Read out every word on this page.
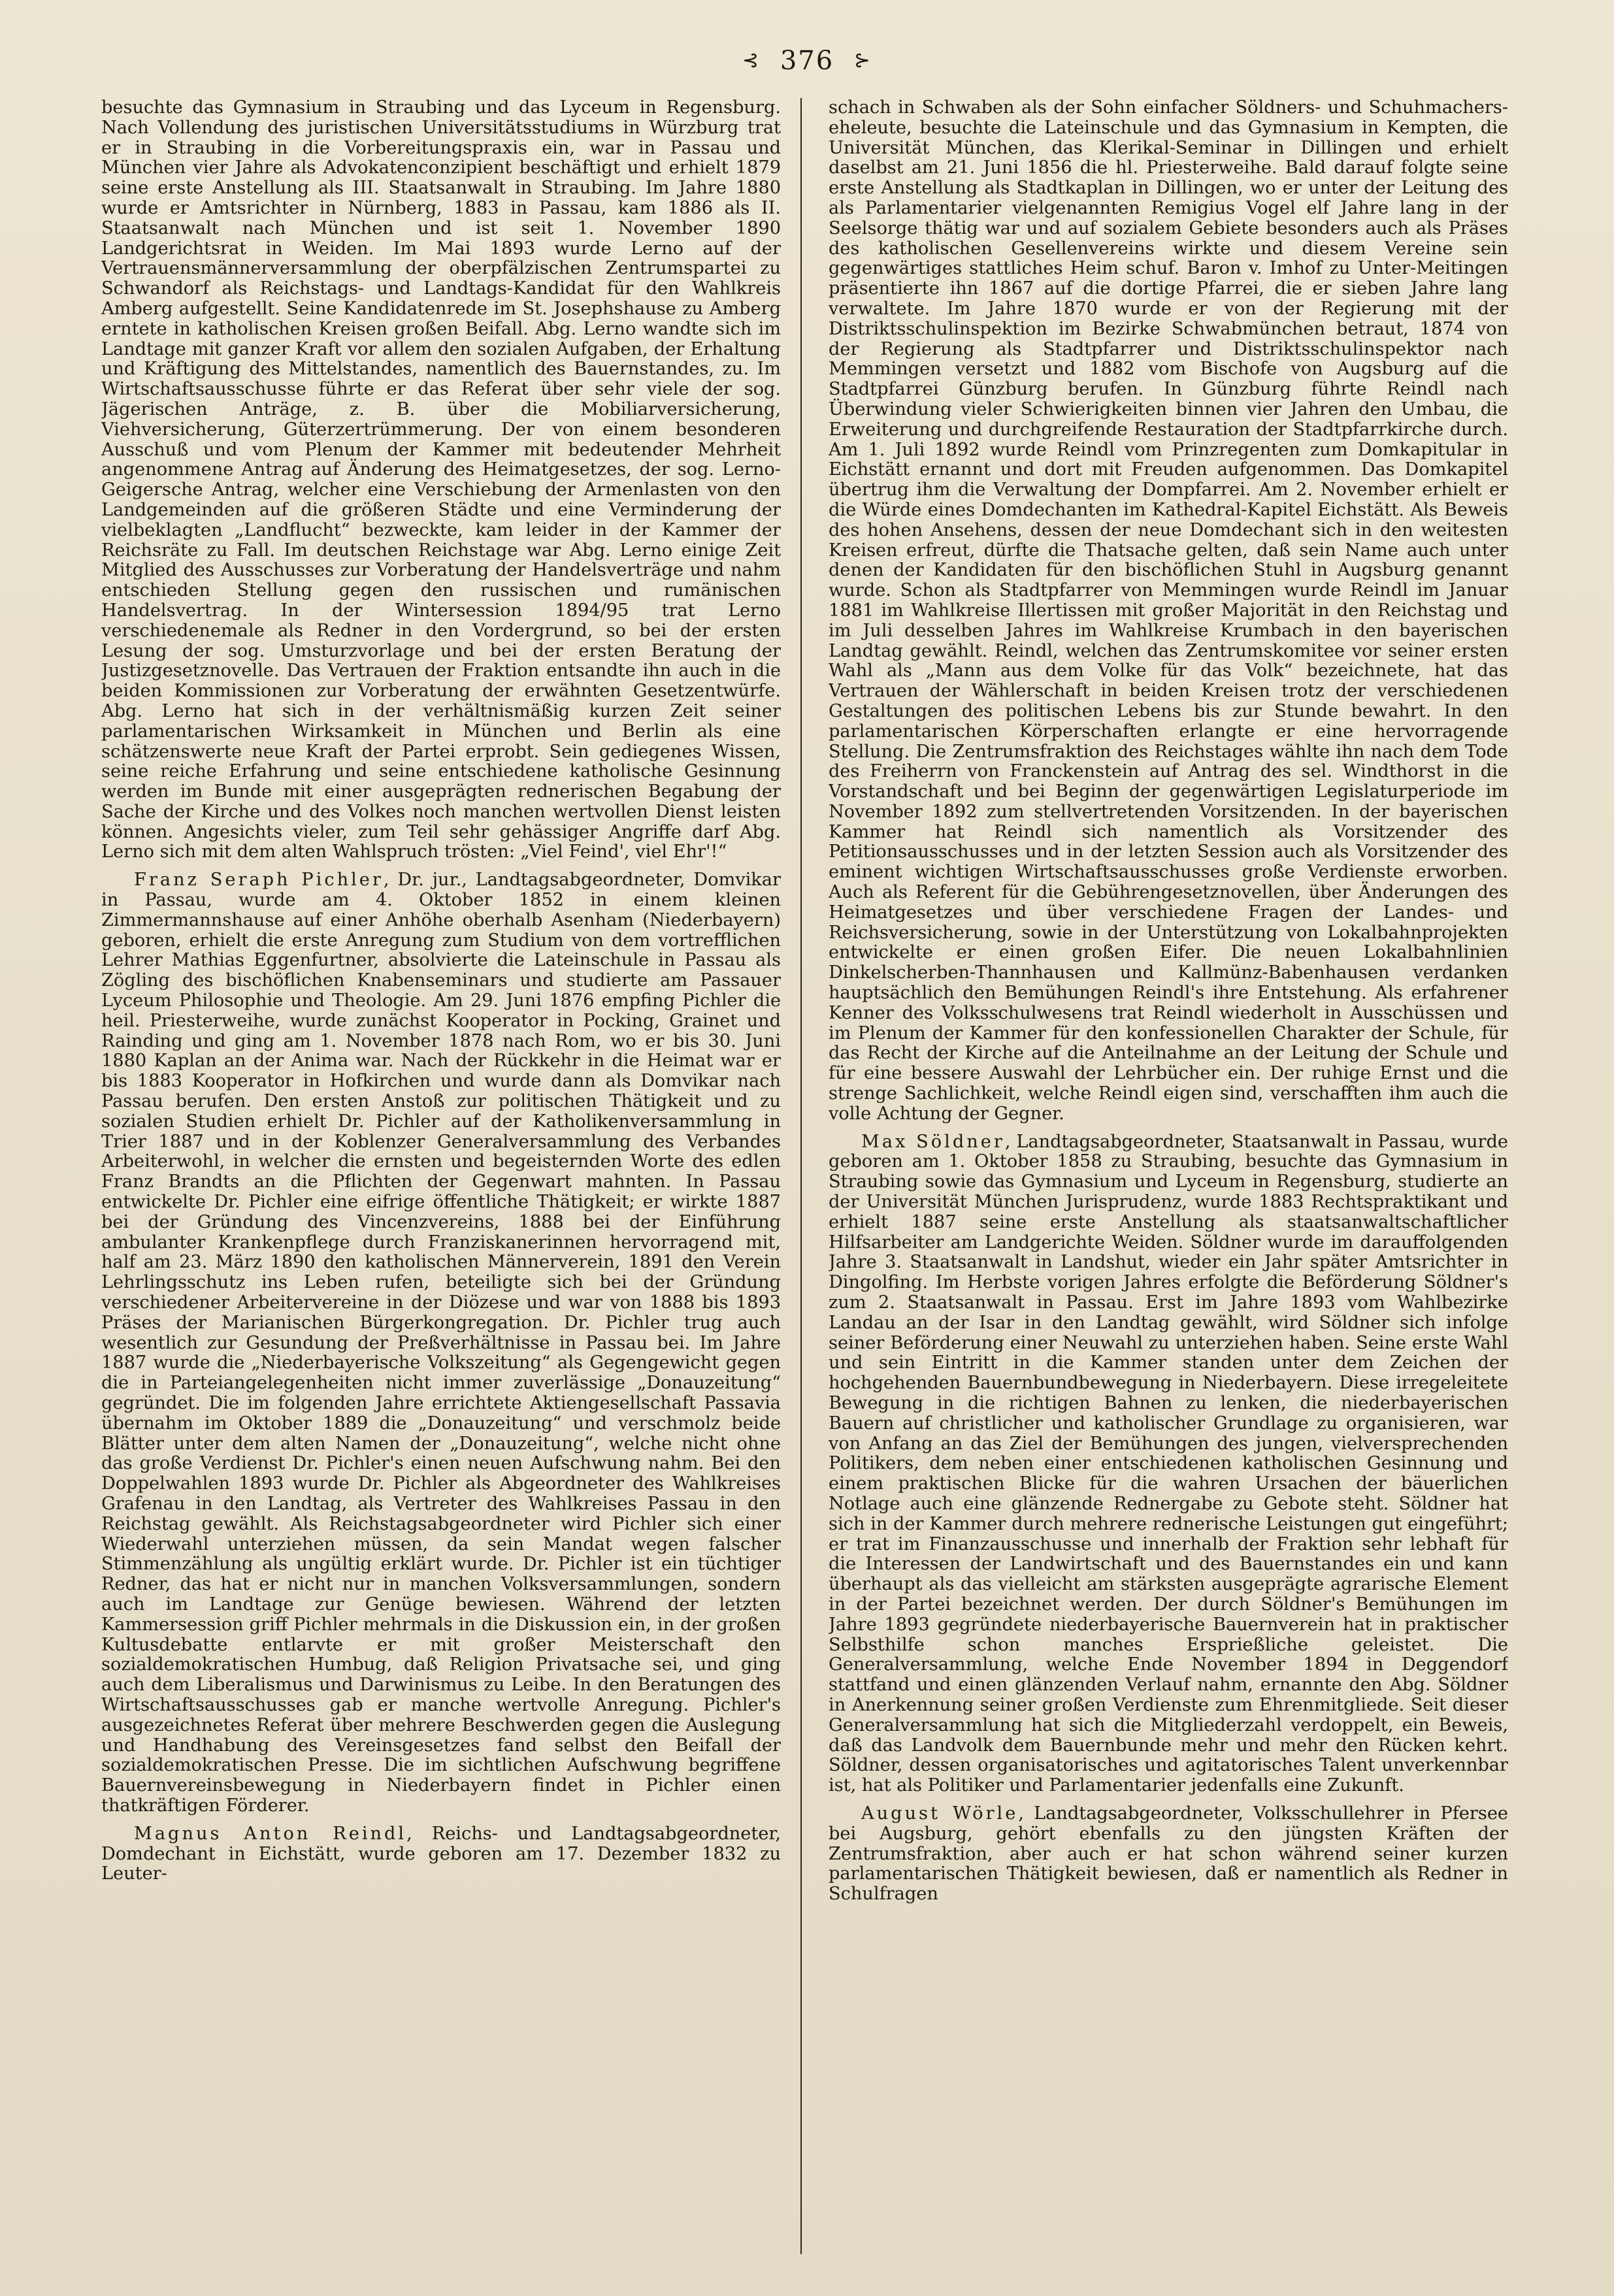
⊰ 376 ⊱

besuchte das Gymnasium in Straubing und das Lyceum in Regensburg. Nach Vollendung des juristischen Universitätsstudiums in Würzburg trat er in Straubing in die Vorbereitungspraxis ein, war in Passau und München vier Jahre als Advokatenconzipient beschäftigt und erhielt 1879 seine erste Anstellung als III. Staatsanwalt in Straubing. Im Jahre 1880 wurde er Amtsrichter in Nürnberg, 1883 in Passau, kam 1886 als II. Staatsanwalt nach München und ist seit 1. November 1890 Landgerichtsrat in Weiden. Im Mai 1893 wurde Lerno auf der Vertrauensmännerversammlung der oberpfälzischen Zentrumspartei zu Schwandorf als Reichstags- und Landtags-Kandidat für den Wahlkreis Amberg aufgestellt. Seine Kandidatenrede im St. Josephshause zu Amberg erntete in katholischen Kreisen großen Beifall. Abg. Lerno wandte sich im Landtage mit ganzer Kraft vor allem den sozialen Aufgaben, der Erhaltung und Kräftigung des Mittelstandes, namentlich des Bauernstandes, zu. Im Wirtschaftsausschusse führte er das Referat über sehr viele der sog. Jägerischen Anträge, z. B. über die Mobiliarversicherung, Viehversicherung, Güterzertrümmerung. Der von einem besonderen Ausschuß und vom Plenum der Kammer mit bedeutender Mehrheit angenommene Antrag auf Änderung des Heimatgesetzes, der sog. Lerno-Geigersche Antrag, welcher eine Verschiebung der Armenlasten von den Landgemeinden auf die größeren Städte und eine Verminderung der vielbeklagten „Landflucht“ bezweckte, kam leider in der Kammer der Reichsräte zu Fall. Im deutschen Reichstage war Abg. Lerno einige Zeit Mitglied des Ausschusses zur Vorberatung der Handelsverträge und nahm entschieden Stellung gegen den russischen und rumänischen Handelsvertrag. In der Wintersession 1894/95 trat Lerno verschiedenemale als Redner in den Vordergrund, so bei der ersten Lesung der sog. Umsturzvorlage und bei der ersten Beratung der Justizgesetznovelle. Das Vertrauen der Fraktion entsandte ihn auch in die beiden Kommissionen zur Vorberatung der erwähnten Gesetzentwürfe. Abg. Lerno hat sich in der verhältnismäßig kurzen Zeit seiner parlamentarischen Wirksamkeit in München und Berlin als eine schätzenswerte neue Kraft der Partei erprobt. Sein gediegenes Wissen, seine reiche Erfahrung und seine entschiedene katholische Gesinnung werden im Bunde mit einer ausgeprägten rednerischen Begabung der Sache der Kirche und des Volkes noch manchen wertvollen Dienst leisten können. Angesichts vieler, zum Teil sehr gehässiger Angriffe darf Abg. Lerno sich mit dem alten Wahlspruch trösten: „Viel Feind', viel Ehr'!“

Franz Seraph Pichler, Dr. jur., Landtagsabgeordneter, Domvikar in Passau, wurde am 4. Oktober 1852 in einem kleinen Zimmermannshause auf einer Anhöhe oberhalb Asenham (Niederbayern) geboren, erhielt die erste Anregung zum Studium von dem vortrefflichen Lehrer Mathias Eggenfurtner, absolvierte die Lateinschule in Passau als Zögling des bischöflichen Knabenseminars und studierte am Passauer Lyceum Philosophie und Theologie. Am 29. Juni 1876 empfing Pichler die heil. Priesterweihe, wurde zunächst Kooperator in Pocking, Grainet und Rainding und ging am 1. November 1878 nach Rom, wo er bis 30. Juni 1880 Kaplan an der Anima war. Nach der Rückkehr in die Heimat war er bis 1883 Kooperator in Hofkirchen und wurde dann als Domvikar nach Passau berufen. Den ersten Anstoß zur politischen Thätigkeit und zu sozialen Studien erhielt Dr. Pichler auf der Katholikenversammlung in Trier 1887 und in der Koblenzer Generalversammlung des Verbandes Arbeiterwohl, in welcher die ernsten und begeisternden Worte des edlen Franz Brandts an die Pflichten der Gegenwart mahnten. In Passau entwickelte Dr. Pichler eine eifrige öffentliche Thätigkeit; er wirkte 1887 bei der Gründung des Vincenzvereins, 1888 bei der Einführung ambulanter Krankenpflege durch Franziskanerinnen hervorragend mit, half am 23. März 1890 den katholischen Männerverein, 1891 den Verein Lehrlingsschutz ins Leben rufen, beteiligte sich bei der Gründung verschiedener Arbeitervereine in der Diözese und war von 1888 bis 1893 Präses der Marianischen Bürgerkongregation. Dr. Pichler trug auch wesentlich zur Gesundung der Preßverhältnisse in Passau bei. Im Jahre 1887 wurde die „Niederbayerische Volkszeitung“ als Gegengewicht gegen die in Parteiangelegenheiten nicht immer zuverlässige „Donauzeitung“ gegründet. Die im folgenden Jahre errichtete Aktiengesellschaft Passavia übernahm im Oktober 1889 die „Donauzeitung“ und verschmolz beide Blätter unter dem alten Namen der „Donauzeitung“, welche nicht ohne das große Verdienst Dr. Pichler's einen neuen Aufschwung nahm. Bei den Doppelwahlen 1893 wurde Dr. Pichler als Abgeordneter des Wahlkreises Grafenau in den Landtag, als Vertreter des Wahlkreises Passau in den Reichstag gewählt. Als Reichstagsabgeordneter wird Pichler sich einer Wiederwahl unterziehen müssen, da sein Mandat wegen falscher Stimmenzählung als ungültig erklärt wurde. Dr. Pichler ist ein tüchtiger Redner, das hat er nicht nur in manchen Volksversammlungen, sondern auch im Landtage zur Genüge bewiesen. Während der letzten Kammersession griff Pichler mehrmals in die Diskussion ein, in der großen Kultusdebatte entlarvte er mit großer Meisterschaft den sozialdemokratischen Humbug, daß Religion Privatsache sei, und ging auch dem Liberalismus und Darwinismus zu Leibe. In den Beratungen des Wirtschaftsausschusses gab er manche wertvolle Anregung. Pichler's ausgezeichnetes Referat über mehrere Beschwerden gegen die Auslegung und Handhabung des Vereinsgesetzes fand selbst den Beifall der sozialdemokratischen Presse. Die im sichtlichen Aufschwung begriffene Bauernvereinsbewegung in Niederbayern findet in Pichler einen thatkräftigen Förderer.

Magnus Anton Reindl, Reichs- und Landtagsabgeordneter, Domdechant in Eichstätt, wurde geboren am 17. Dezember 1832 zu Leuter-

schach in Schwaben als der Sohn einfacher Söldners- und Schuhmacherseheleute, besuchte die Lateinschule und das Gymnasium in Kempten, die Universität München, das Klerikal-Seminar in Dillingen und erhielt daselbst am 21. Juni 1856 die hl. Priesterweihe. Bald darauf folgte seine erste Anstellung als Stadtkaplan in Dillingen, wo er unter der Leitung des als Parlamentarier vielgenannten Remigius Vogel elf Jahre lang in der Seelsorge thätig war und auf sozialem Gebiete besonders auch als Präses des katholischen Gesellenvereins wirkte und diesem Vereine sein gegenwärtiges stattliches Heim schuf. Baron v. Imhof zu Unter-Meitingen präsentierte ihn 1867 auf die dortige Pfarrei, die er sieben Jahre lang verwaltete. Im Jahre 1870 wurde er von der Regierung mit der Distriktsschulinspektion im Bezirke Schwabmünchen betraut, 1874 von der Regierung als Stadtpfarrer und Distriktsschulinspektor nach Memmingen versetzt und 1882 vom Bischofe von Augsburg auf die Stadtpfarrei Günzburg berufen. In Günzburg führte Reindl nach Überwindung vieler Schwierigkeiten binnen vier Jahren den Umbau, die Erweiterung und durchgreifende Restauration der Stadtpfarrkirche durch. Am 1. Juli 1892 wurde Reindl vom Prinzregenten zum Domkapitular in Eichstätt ernannt und dort mit Freuden aufgenommen. Das Domkapitel übertrug ihm die Verwaltung der Dompfarrei. Am 2. November erhielt er die Würde eines Domdechanten im Kathedral-Kapitel Eichstätt. Als Beweis des hohen Ansehens, dessen der neue Domdechant sich in den weitesten Kreisen erfreut, dürfte die Thatsache gelten, daß sein Name auch unter denen der Kandidaten für den bischöflichen Stuhl in Augsburg genannt wurde. Schon als Stadtpfarrer von Memmingen wurde Reindl im Januar 1881 im Wahlkreise Illertissen mit großer Majorität in den Reichstag und im Juli desselben Jahres im Wahlkreise Krumbach in den bayerischen Landtag gewählt. Reindl, welchen das Zentrumskomitee vor seiner ersten Wahl als „Mann aus dem Volke für das Volk“ bezeichnete, hat das Vertrauen der Wählerschaft in beiden Kreisen trotz der verschiedenen Gestaltungen des politischen Lebens bis zur Stunde bewahrt. In den parlamentarischen Körperschaften erlangte er eine hervorragende Stellung. Die Zentrumsfraktion des Reichstages wählte ihn nach dem Tode des Freiherrn von Franckenstein auf Antrag des sel. Windthorst in die Vorstandschaft und bei Beginn der gegenwärtigen Legislaturperiode im November 1892 zum stellvertretenden Vorsitzenden. In der bayerischen Kammer hat Reindl sich namentlich als Vorsitzender des Petitionsausschusses und in der letzten Session auch als Vorsitzender des eminent wichtigen Wirtschaftsausschusses große Verdienste erworben. Auch als Referent für die Gebührengesetznovellen, über Änderungen des Heimatgesetzes und über verschiedene Fragen der Landes- und Reichsversicherung, sowie in der Unterstützung von Lokalbahnprojekten entwickelte er einen großen Eifer. Die neuen Lokalbahnlinien Dinkelscherben-Thannhausen und Kallmünz-Babenhausen verdanken hauptsächlich den Bemühungen Reindl's ihre Entstehung. Als erfahrener Kenner des Volksschulwesens trat Reindl wiederholt in Ausschüssen und im Plenum der Kammer für den konfessionellen Charakter der Schule, für das Recht der Kirche auf die Anteilnahme an der Leitung der Schule und für eine bessere Auswahl der Lehrbücher ein. Der ruhige Ernst und die strenge Sachlichkeit, welche Reindl eigen sind, verschafften ihm auch die volle Achtung der Gegner.

Max Söldner, Landtagsabgeordneter, Staatsanwalt in Passau, wurde geboren am 1. Oktober 1858 zu Straubing, besuchte das Gymnasium in Straubing sowie das Gymnasium und Lyceum in Regensburg, studierte an der Universität München Jurisprudenz, wurde 1883 Rechtspraktikant und erhielt 1887 seine erste Anstellung als staatsanwaltschaftlicher Hilfsarbeiter am Landgerichte Weiden. Söldner wurde im darauffolgenden Jahre 3. Staatsanwalt in Landshut, wieder ein Jahr später Amtsrichter in Dingolfing. Im Herbste vorigen Jahres erfolgte die Beförderung Söldner's zum 2. Staatsanwalt in Passau. Erst im Jahre 1893 vom Wahlbezirke Landau an der Isar in den Landtag gewählt, wird Söldner sich infolge seiner Beförderung einer Neuwahl zu unterziehen haben. Seine erste Wahl und sein Eintritt in die Kammer standen unter dem Zeichen der hochgehenden Bauernbundbewegung in Niederbayern. Diese irregeleitete Bewegung in die richtigen Bahnen zu lenken, die niederbayerischen Bauern auf christlicher und katholischer Grundlage zu organisieren, war von Anfang an das Ziel der Bemühungen des jungen, vielversprechenden Politikers, dem neben einer entschiedenen katholischen Gesinnung und einem praktischen Blicke für die wahren Ursachen der bäuerlichen Notlage auch eine glänzende Rednergabe zu Gebote steht. Söldner hat sich in der Kammer durch mehrere rednerische Leistungen gut eingeführt; er trat im Finanzausschusse und innerhalb der Fraktion sehr lebhaft für die Interessen der Landwirtschaft und des Bauernstandes ein und kann überhaupt als das vielleicht am stärksten ausgeprägte agrarische Element in der Partei bezeichnet werden. Der durch Söldner's Bemühungen im Jahre 1893 gegründete niederbayerische Bauernverein hat in praktischer Selbsthilfe schon manches Ersprießliche geleistet. Die Generalversammlung, welche Ende November 1894 in Deggendorf stattfand und einen glänzenden Verlauf nahm, ernannte den Abg. Söldner in Anerkennung seiner großen Verdienste zum Ehrenmitgliede. Seit dieser Generalversammlung hat sich die Mitgliederzahl verdoppelt, ein Beweis, daß das Landvolk dem Bauernbunde mehr und mehr den Rücken kehrt. Söldner, dessen organisatorisches und agitatorisches Talent unverkennbar ist, hat als Politiker und Parlamentarier jedenfalls eine Zukunft.

August Wörle, Landtagsabgeordneter, Volksschullehrer in Pfersee bei Augsburg, gehört ebenfalls zu den jüngsten Kräften der Zentrumsfraktion, aber auch er hat schon während seiner kurzen parlamentarischen Thätigkeit bewiesen, daß er namentlich als Redner in Schulfragen
